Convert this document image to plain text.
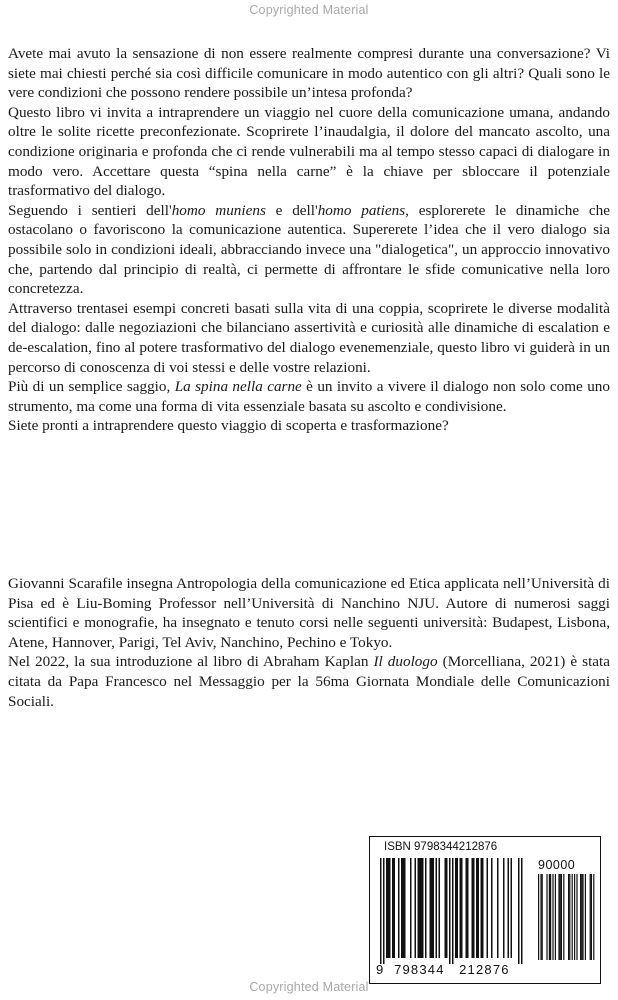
Copyrighted Material

Avete mai avuto la sensazione di non essere realmente compresi durante una conversazione? Vi siete mai chiesti perché sia così difficile comunicare in modo autentico con gli altri? Quali sono le vere condizioni che possono rendere possibile un’intesa profonda?

Questo libro vi invita a intraprendere un viaggio nel cuore della comunicazione umana, andando oltre le solite ricette preconfezionate. Scoprirete l’inaudalgia, il dolore del mancato ascolto, una condizione originaria e profonda che ci rende vulnerabili ma al tempo stesso capaci di dialogare in modo vero. Accettare questa “spina nella carne” è la chiave per sbloccare il potenziale trasformativo del dialogo.

Seguendo i sentieri dell'homo muniens e dell'homo patiens, esplorerete le dinamiche che ostacolano o favoriscono la comunicazione autentica. Supererete l’idea che il vero dialogo sia possibile solo in condizioni ideali, abbracciando invece una "dialogetica", un approccio innovativo che, partendo dal principio di realtà, ci permette di affrontare le sfide comunicative nella loro concretezza.

Attraverso trentasei esempi concreti basati sulla vita di una coppia, scoprirete le diverse modalità del dialogo: dalle negoziazioni che bilanciano assertività e curiosità alle dinamiche di escalation e de-escalation, fino al potere trasformativo del dialogo evenemenziale, questo libro vi guiderà in un percorso di conoscenza di voi stessi e delle vostre relazioni.

Più di un semplice saggio, La spina nella carne è un invito a vivere il dialogo non solo come uno strumento, ma come una forma di vita essenziale basata su ascolto e condivisione.

Siete pronti a intraprendere questo viaggio di scoperta e trasformazione?

Giovanni Scarafile insegna Antropologia della comunicazione ed Etica applicata nell’Università di Pisa ed è Liu-Boming Professor nell’Università di Nanchino NJU. Autore di numerosi saggi scientifici e monografie, ha insegnato e tenuto corsi nelle seguenti università: Budapest, Lisbona, Atene, Hannover, Parigi, Tel Aviv, Nanchino, Pechino e Tokyo.

Nel 2022, la sua introduzione al libro di Abraham Kaplan Il duologo (Morcelliana, 2021) è stata citata da Papa Francesco nel Messaggio per la 56ma Giornata Mondiale delle Comunicazioni Sociali.

ISBN 9798344212876
90000
9 798344 212876
Copyrighted Material
